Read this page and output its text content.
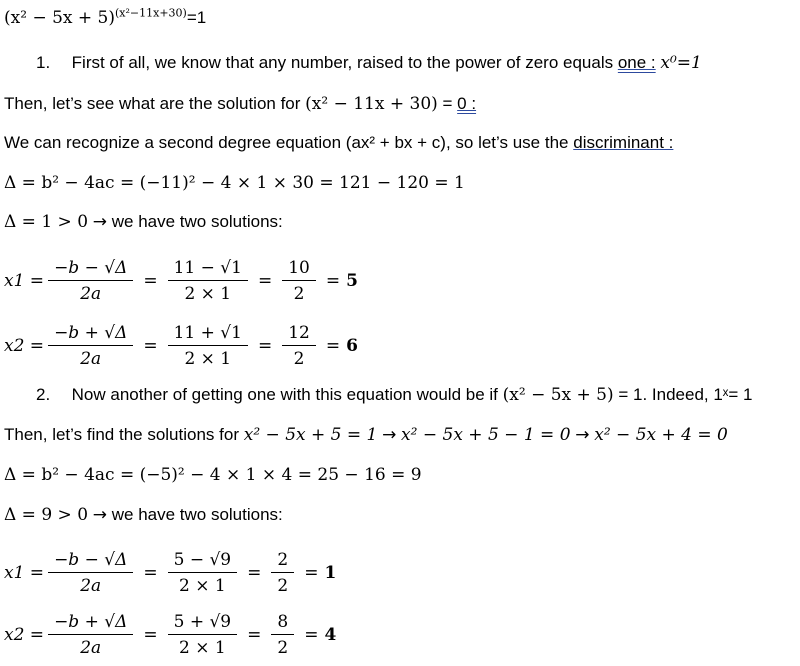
$(x^2 - 5x + 5)^{(x^2-11x+30)}=1$
1. First of all, we know that any number, raised to the power of zero equals one : x⁰=1
Then, let’s see what are the solution for (x² − 11x + 30) = 0 :
We can recognize a second degree equation (ax² + bx + c), so let’s use the discriminant :
Δ = b² − 4ac = (−11)² − 4 × 1 × 30 = 121 − 120 = 1
Δ = 1 > 0 → we have two solutions:
$x1 = \frac{-b - √\Delta}{2a} = \frac{11 - √1}{2 \times 1} = \frac{10}{2} = 5$
$x2 = \frac{-b + √\Delta}{2a} = \frac{11 + √1}{2 \times 1} = \frac{12}{2} = 6$
2. Now another of getting one with this equation would be if (x² − 5x + 5) = 1. Indeed, 1ˣ= 1
Then, let’s find the solutions for x² − 5x + 5 = 1 → x² − 5x + 5 − 1 = 0 → x² − 5x + 4 = 0
Δ = b² − 4ac = (−5)² − 4 × 1 × 4 = 25 − 16 = 9
Δ = 9 > 0 → we have two solutions:
$x1 = \frac{-b - √\Delta}{2a} = \frac{5 - √9}{2 \times 1} = \frac{2}{2} = 1$
$x2 = \frac{-b + √\Delta}{2a} = \frac{5 + √9}{2 \times 1} = \frac{8}{2} = 4$
